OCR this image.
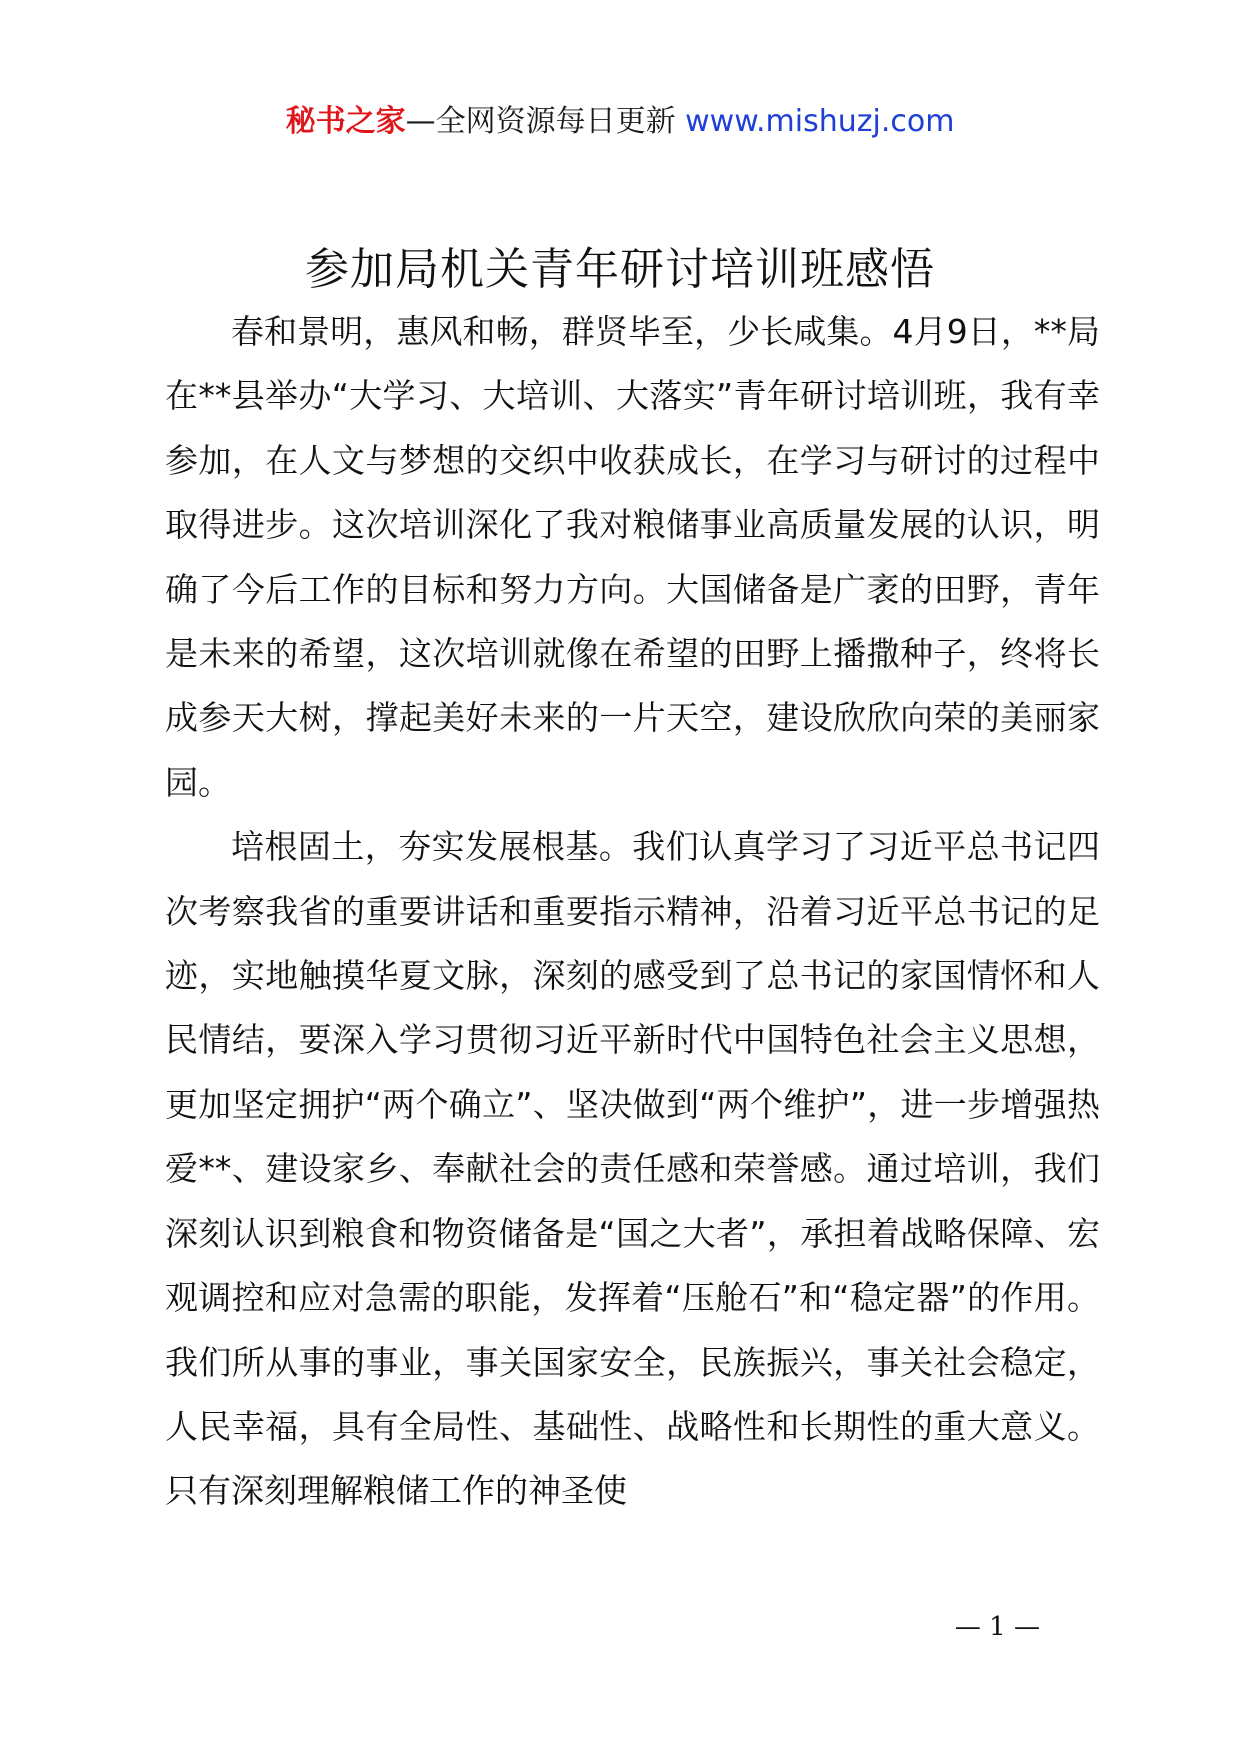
秘书之家—全网资源每日更新 www.mishuzj.com
参加局机关青年研讨培训班感悟

春和景明，惠风和畅，群贤毕至，少长咸集。4月9日，**局在**县举办“大学习、大培训、大落实”青年研讨培训班，我有幸参加，在人文与梦想的交织中收获成长，在学习与研讨的过程中取得进步。这次培训深化了我对粮储事业高质量发展的认识，明确了今后工作的目标和努力方向。大国储备是广袤的田野，青年是未来的希望，这次培训就像在希望的田野上播撒种子，终将长成参天大树，撑起美好未来的一片天空，建设欣欣向荣的美丽家园。

培根固土，夯实发展根基。我们认真学习了习近平总书记四次考察我省的重要讲话和重要指示精神，沿着习近平总书记的足迹，实地触摸华夏文脉，深刻的感受到了总书记的家国情怀和人民情结，要深入学习贯彻习近平新时代中国特色社会主义思想，更加坚定拥护“两个确立”、坚决做到“两个维护”，进一步增强热爱**、建设家乡、奉献社会的责任感和荣誉感。通过培训，我们深刻认识到粮食和物资储备是“国之大者”，承担着战略保障、宏观调控和应对急需的职能，发挥着“压舱石”和“稳定器”的作用。我们所从事的事业，事关国家安全，民族振兴，事关社会稳定，人民幸福，具有全局性、基础性、战略性和长期性的重大意义。只有深刻理解粮储工作的神圣使

— 1 —
